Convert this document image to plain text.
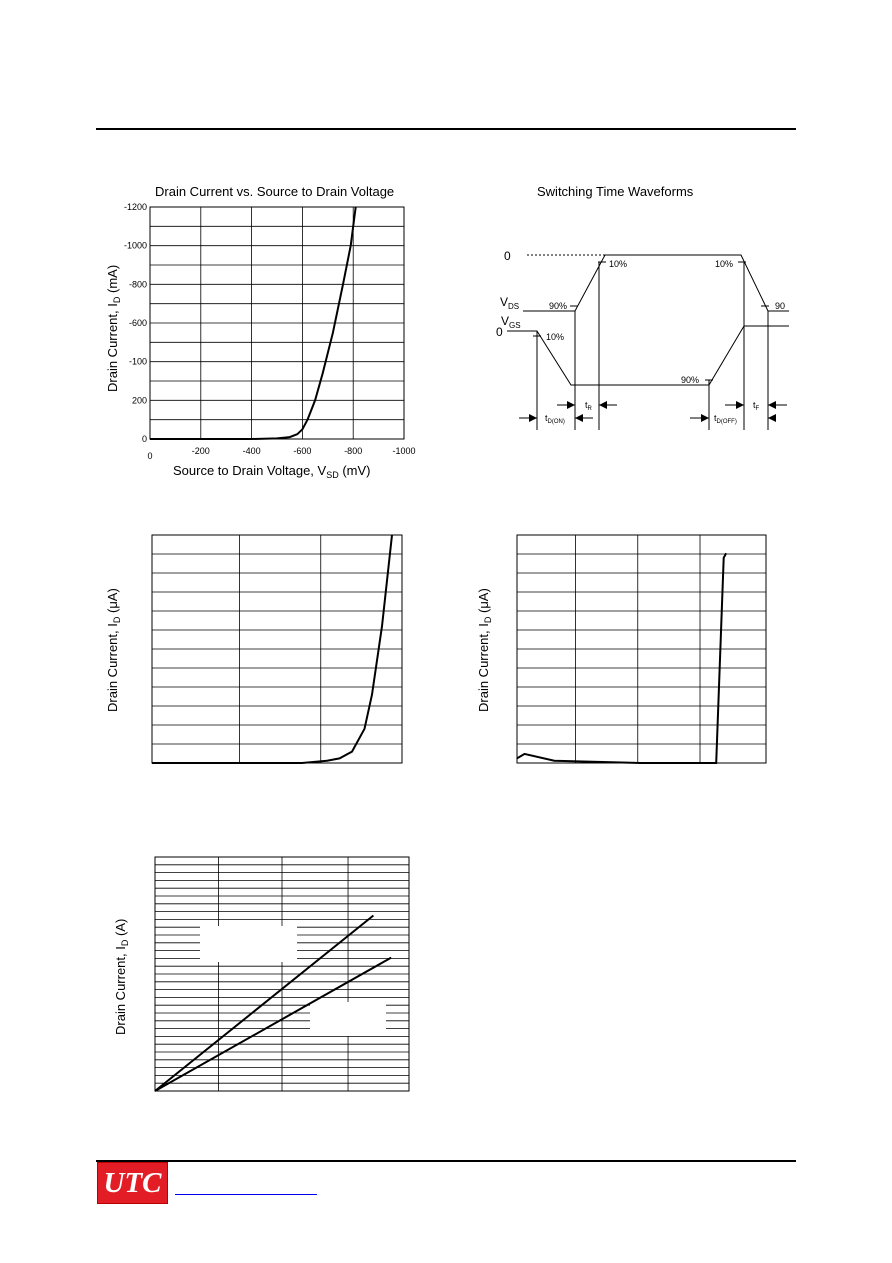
Drain Current vs. Source to Drain Voltage
0
200
-100
-600
-800
-1000
-1200
0	-200	-400	-600	-800	-1000
Source to Drain Voltage, $V_{SD}$ (mV)
Drain Current, $I_D$ (mA)
Switching Time Waveforms
0
$V_{DS}$
$V_{GS}$
0
10%	10%
90%	90
10%
90%
$t_R$	$t_F$
$t_{D(ON)}$	$t_{D(OFF)}$
Drain Current, $I_D$ (μA)
Drain Current, $I_D$ (μA)
Drain Current, $I_D$ (A)
UTC
